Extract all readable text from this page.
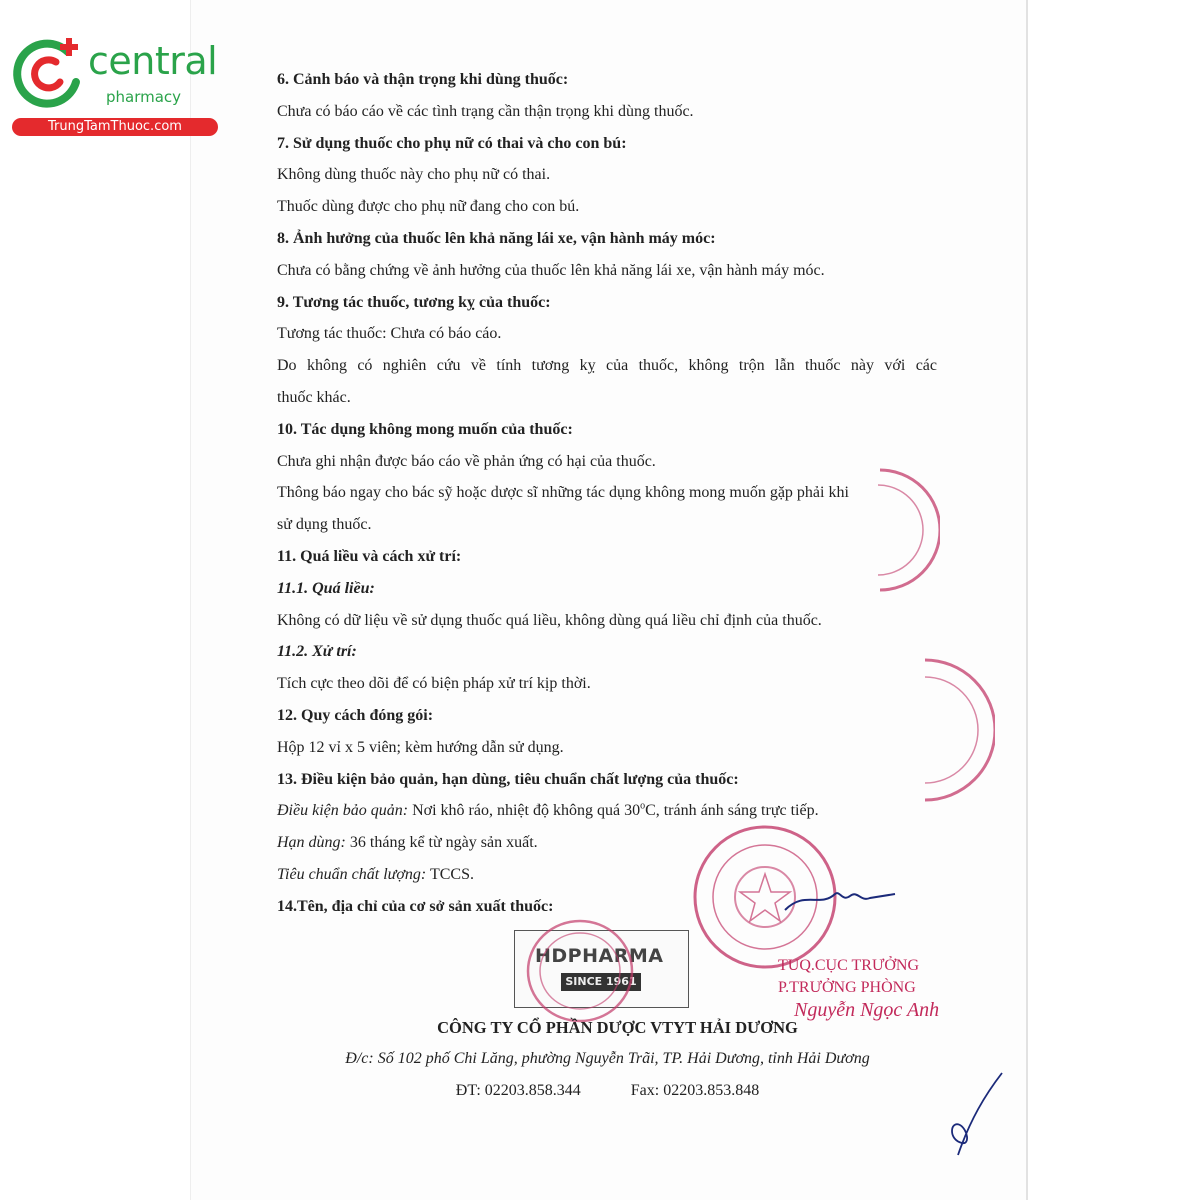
central
pharmacy
TrungTamThuoc.com
6. Cảnh báo và thận trọng khi dùng thuốc:
Chưa có báo cáo về các tình trạng cần thận trọng khi dùng thuốc.
7. Sử dụng thuốc cho phụ nữ có thai và cho con bú:
Không dùng thuốc này cho phụ nữ có thai.
Thuốc dùng được cho phụ nữ đang cho con bú.
8. Ảnh hưởng của thuốc lên khả năng lái xe, vận hành máy móc:
Chưa có bằng chứng về ảnh hưởng của thuốc lên khả năng lái xe, vận hành máy móc.
9. Tương tác thuốc, tương kỵ của thuốc:
Tương tác thuốc: Chưa có báo cáo.
Do không có nghiên cứu về tính tương kỵ của thuốc, không trộn lẫn thuốc này với các
thuốc khác.
10. Tác dụng không mong muốn của thuốc:
Chưa ghi nhận được báo cáo về phản ứng có hại của thuốc.
Thông báo ngay cho bác sỹ hoặc dược sĩ những tác dụng không mong muốn gặp phải khi
sử dụng thuốc.
11. Quá liều và cách xử trí:
11.1. Quá liều:
Không có dữ liệu về sử dụng thuốc quá liều, không dùng quá liều chỉ định của thuốc.
11.2. Xử trí:
Tích cực theo dõi để có biện pháp xử trí kịp thời.
12. Quy cách đóng gói:
Hộp 12 vỉ x 5 viên; kèm hướng dẫn sử dụng.
13. Điều kiện bảo quản, hạn dùng, tiêu chuẩn chất lượng của thuốc:
Điều kiện bảo quản: Nơi khô ráo, nhiệt độ không quá 30$^o$C, tránh ánh sáng trực tiếp.
Hạn dùng: 36 tháng kể từ ngày sản xuất.
Tiêu chuẩn chất lượng: TCCS.
14.Tên, địa chỉ của cơ sở sản xuất thuốc:
HDPHARMA
SINCE 1961
CÔNG TY CỔ PHẦN DƯỢC VTYT HẢI DƯƠNG
Đ/c: Số 102 phố Chi Lăng, phường Nguyễn Trãi, TP. Hải Dương, tỉnh Hải Dương
ĐT: 02203.858.344	Fax: 02203.853.848
TUQ.CỤC TRƯỞNG
P.TRƯỞNG PHÒNG
Nguyễn Ngọc Anh
